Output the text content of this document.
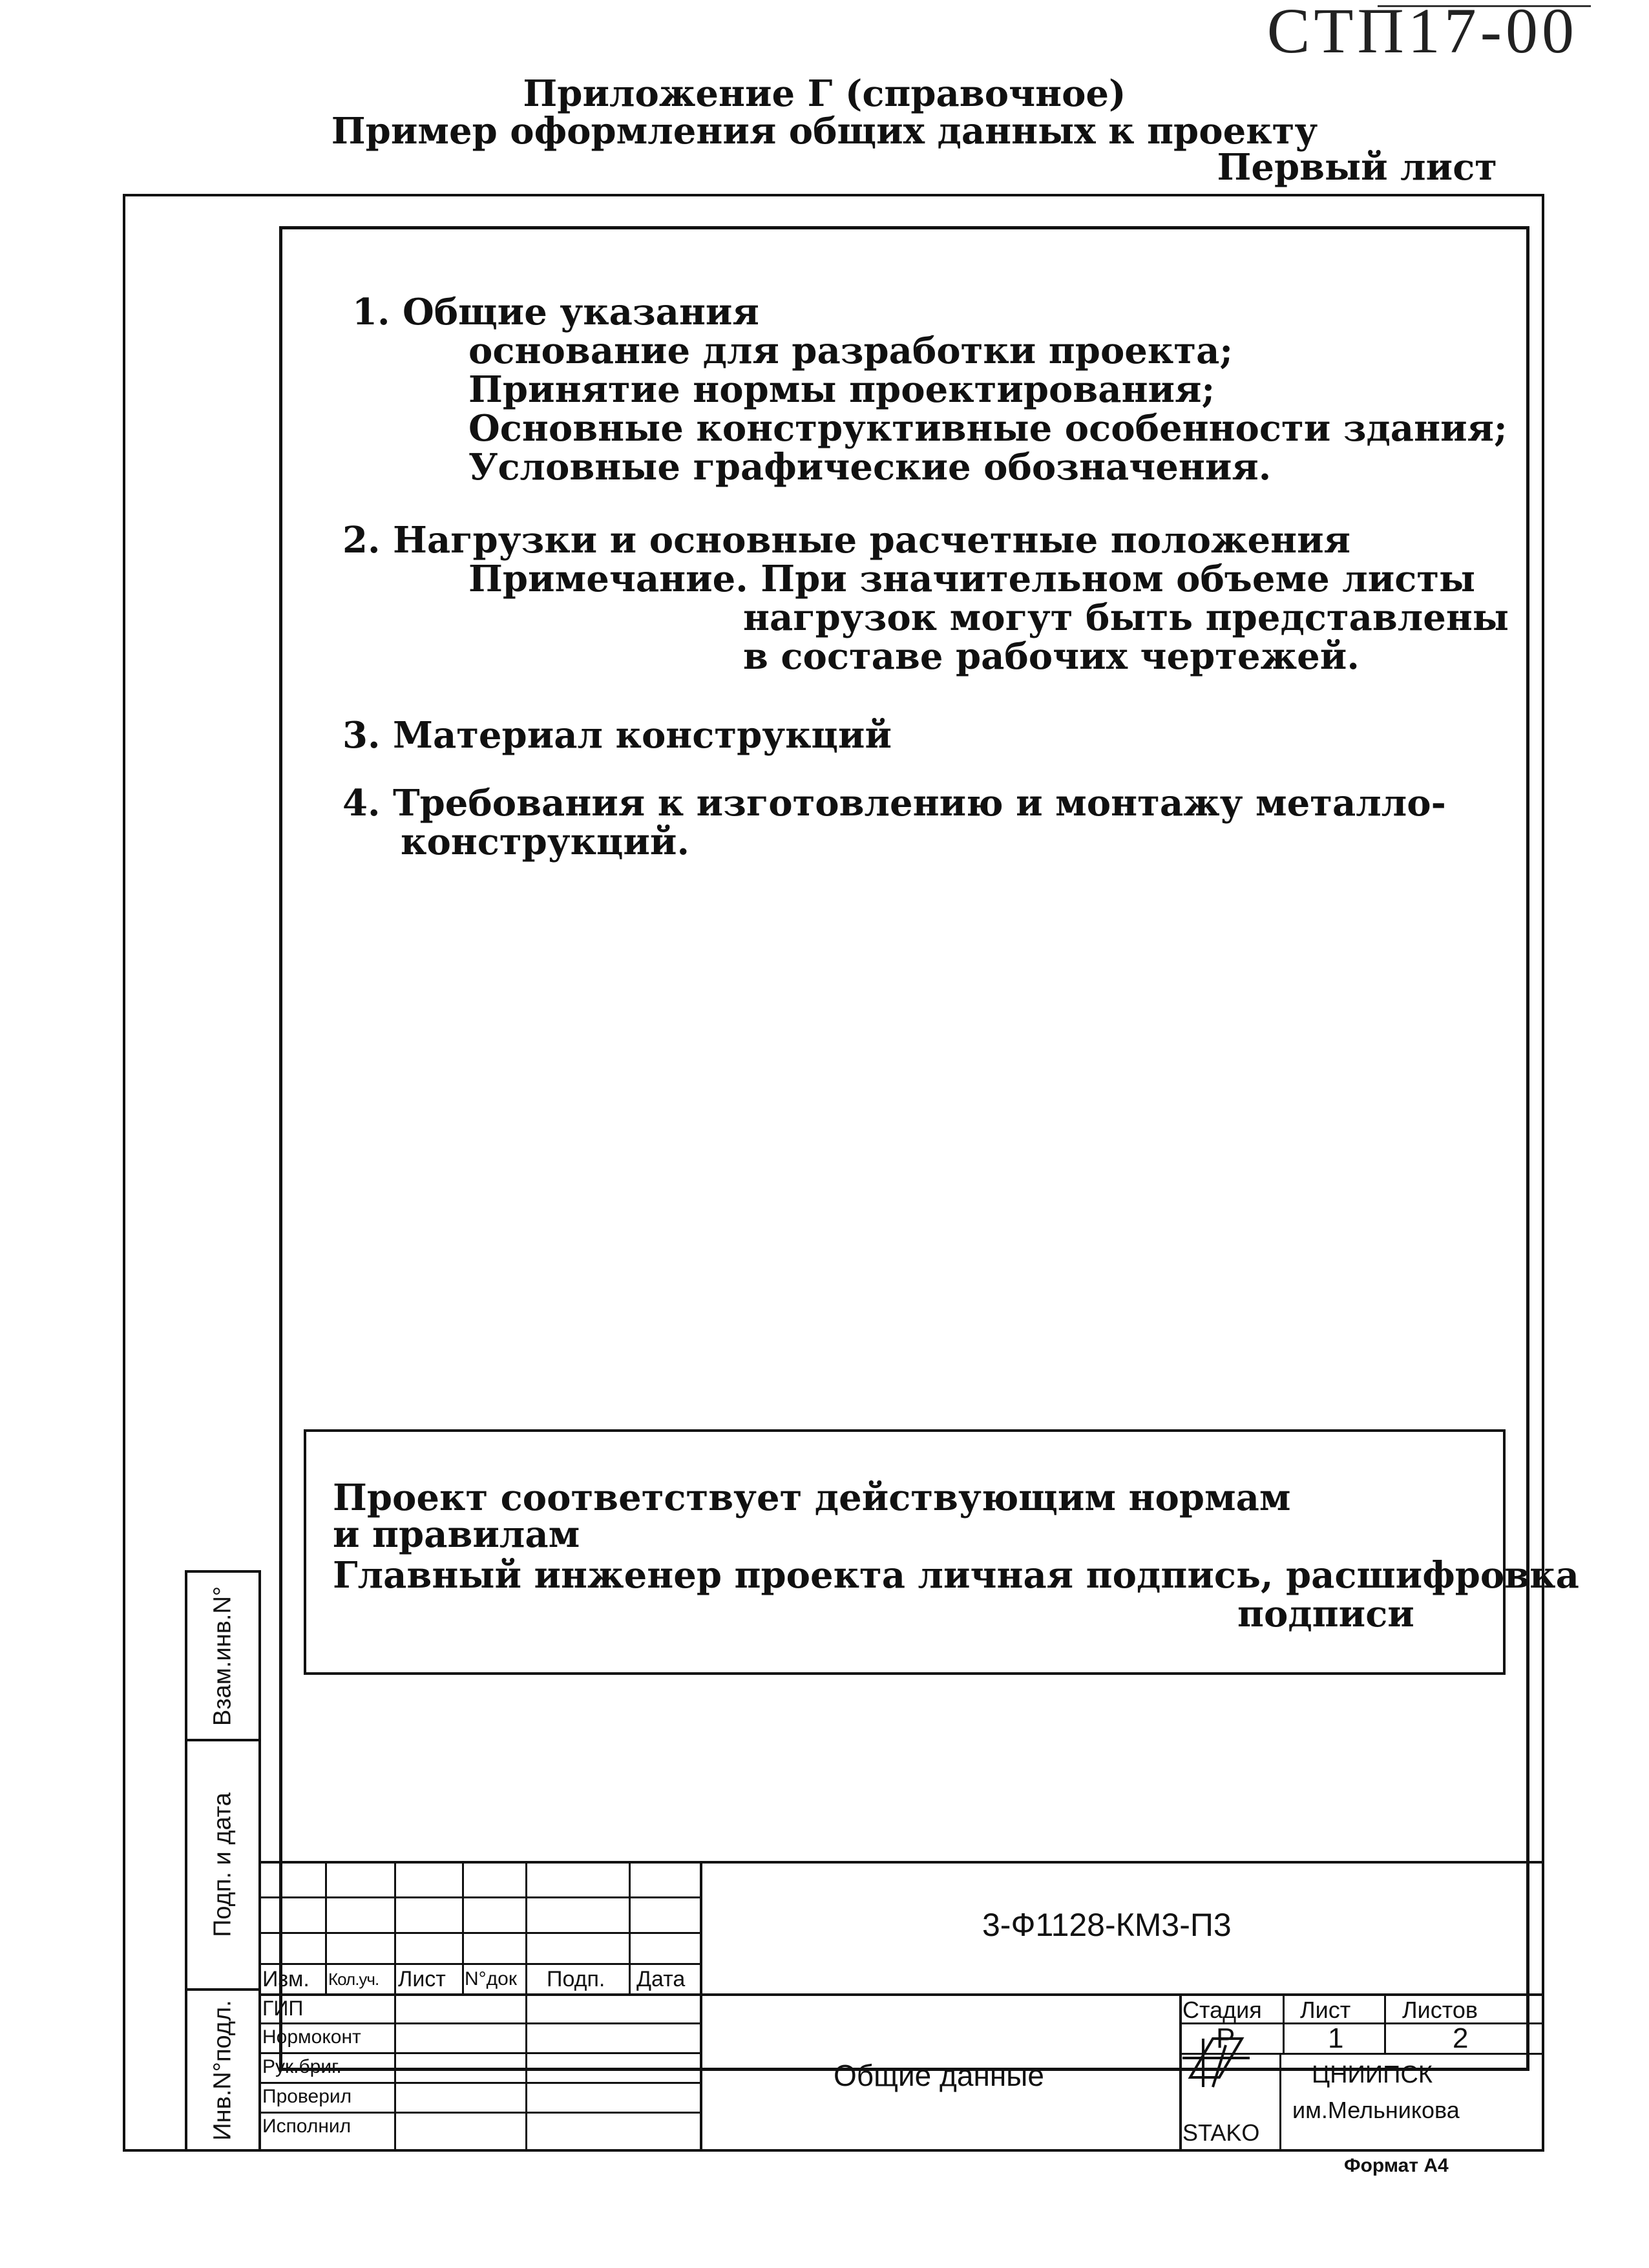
СТП17-00
Приложение Г (справочное)
Пример оформления общих данных к проекту
Первый лист
1. Общие указания
основание для разработки проекта;
Принятие нормы проектирования;
Основные конструктивные особенности здания;
Условные графические обозначения.
2. Нагрузки и основные расчетные положения
Примечание. При значительном объеме листы
нагрузок могут быть представлены
в составе рабочих чертежей.
3. Материал конструкций
4. Требования к изготовлению и монтажу металло-
конструкций.
Проект соответствует действующим нормам
и правилам
Главный инженер проекта личная подпись, расшифровка
подписи
Взам.инв.N°
Подп. и дата
Инв.N°подл.
Изм. Кол.уч. Лист N°док Подп. Дата
ГИП
Нормоконт
Рук.бриг.
Проверил
Исполнил
3-Ф1128-КМ3-П3
Общие данные
Стадия Лист Листов
Р	1	2
ЦНИИПСК
им.Мельникова
STAKO
Формат А4
